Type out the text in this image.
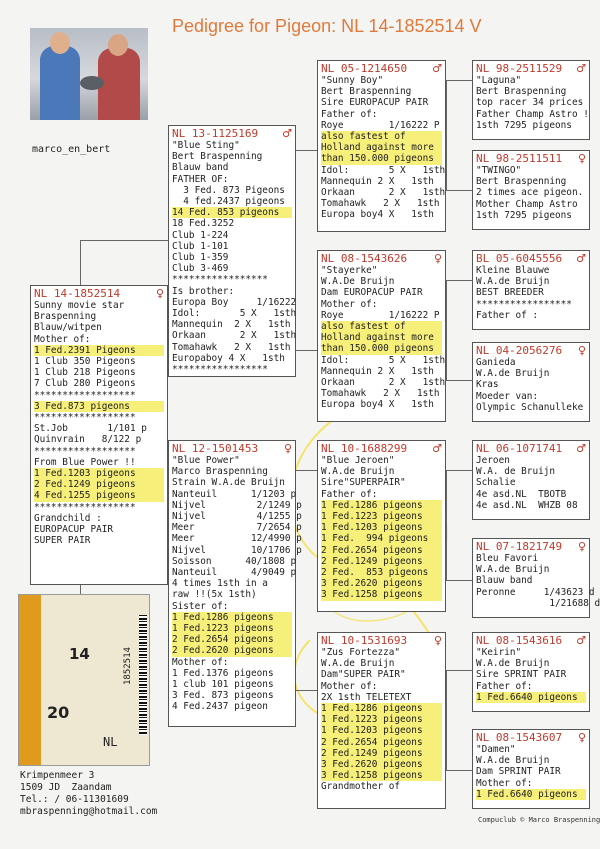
Pedigree for Pigeon: NL 14-1852514 V
marco_en_bert
NL 14-1852514	♀
Sunny movie star
Braspenning
Blauw/witpen
Mother of:
1 Fed.2391 Pigeons
1 Club 350 Pigeons
1 Club 218 Pigeons
7 Club 280 Pigeons
******************
3 Fed.873 pigeons
******************
St.Job       1/101 p
Quinvrain   8/122 p
******************
From Blue Power !!
1 Fed.1203 pigeons
2 Fed.1249 pigeons
4 Fed.1255 pigeons
******************
Grandchild :
EUROPACUP PAIR
SUPER PAIR
NL 13-1125169 ♂
"Blue Sting"
Bert Braspenning
Blauw band
FATHER OF:
3 Fed. 873 Pigeons
4 fed.2437 pigeons
14 Fed. 853 pigeons
18 Fed.3252
Club 1-224
Club 1-101
Club 1-359
Club 3-469
*****************
Is brother:
Europa Boy     1/16222
Idol:       5 X   1sth
Mannequin  2 X   1sth
Orkaan      2 X   1sth
Tomahawk   2 X   1sth
Europaboy 4 X   1sth
*****************
NL 12-1501453 ♀
"Blue Power"
Marco Braspenning
Strain W.A.de Bruijn
Nanteuil      1/1203 p
Nijvel         2/1249 p
Nijvel         4/1255 p
Meer           7/2654 p
Meer          12/4990 p
Nijvel        10/1706 p
Soisson      40/1808 p
Nanteuil      4/9049 p
4 times 1sth in a
raw !!(5x 1sth)
Sister of:
1 Fed.1286 pigeons
1 Fed.1223 pigeons
2 Fed.2654 pigeons
2 Fed.2620 pigeons
Mother of:
1 Fed.1376 pigeons
1 club 101 pigeons
3 Fed. 873 pigeons
4 Fed.2437 pigeon
NL 05-1214650 ♂
"Sunny Boy"
Bert Braspenning
Sire EUROPACUP PAIR
Father of:
Roye        1/16222 P
also fastest of
Holland against more
than 150.000 pigeons
Idol:       5 X   1sth
Mannequin 2 X   1sth
Orkaan      2 X   1sth
Tomahawk   2 X   1sth
Europa boy4 X   1sth
NL 08-1543626 ♀
"Stayerke"
W.A.De Bruijn
Dam EUROPACUP PAIR
Mother of:
Roye        1/16222 P
also fastest of
Holland against more
than 150.000 pigeons
Idol:       5 X   1sth
Mannequin 2 X   1sth
Orkaan      2 X   1sth
Tomahawk   2 X   1sth
Europa boy4 X   1sth
NL 10-1688299 ♂
"Blue Jeroen"
W.A.de Bruijn
Sire"SUPERPAIR"
Father of:
1 Fed.1286 pigeons
1 Fed.1223 pigeons
1 Fed.1203 pigeons
1 Fed.  994 pigeons
2 Fed.2654 pigeons
2 Fed.1249 pigeons
2 Fed.  853 pigeons
3 Fed.2620 pigeons
3 Fed.1258 pigeons
NL 10-1531693 ♀
"Zus Fortezza"
W.A.de Bruijn
Dam"SUPER PAIR"
Mother of:
2X 1sth TELETEXT
1 Fed.1286 pigeons
1 Fed.1223 pigeons
1 Fed.1203 pigeons
2 Fed.2654 pigeons
2 Fed.1249 pigeons
3 Fed.2620 pigeons
3 Fed.1258 pigeons
Grandmother of
NL 98-2511529 ♂
"Laguna"
Bert Braspenning
top racer 34 prices
Father Champ Astro !
1sth 7295 pigeons
NL 98-2511511 ♀
"TWINGO"
Bert Braspenning
2 times ace pigeon.
Mother Champ Astro
1sth 7295 pigeons
BL 05-6045556 ♂
Kleine Blauwe
W.A.de Bruijn
BEST BREEDER
*****************
Father of :
NL 04-2056276 ♀
Ganieda
W.A.de Bruijn
Kras
Moeder van:
Olympic Schanulleke
NL 06-1071741 ♂
Jeroen
W.A. de Bruijn
Schalie
4e asd.NL  TBOTB
4e asd.NL  WHZB 08
NL 07-1821749 ♀
Bleu Favori
W.A.de Bruijn
Blauw band
Peronne     1/43623 d
1/21688 d
NL 08-1543616 ♂
"Keirin"
W.A.de Bruijn
Sire SPRINT PAIR
Father of:
1 Fed.6640 pigeons
NL 08-1543607 ♀
"Damen"
W.A.de Bruijn
Dam SPRINT PAIR
Mother of:
1 Fed.6640 pigeons
14
20
1852514
NL
Krimpenmeer 3
1509 JD  Zaandam
Tel.: / 06-11301609
mbraspenning@hotmail.com
Compuclub © Marco Braspenning
